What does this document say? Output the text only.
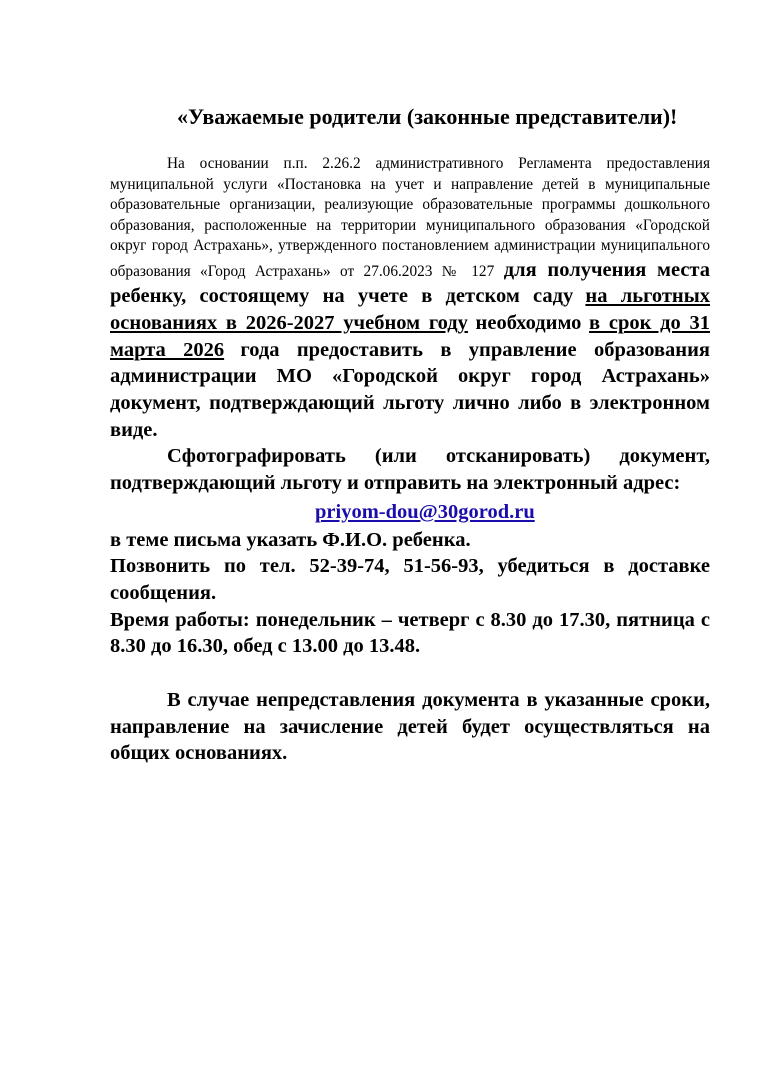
«Уважаемые родители (законные представители)!

На основании п.п. 2.26.2 административного Регламента предоставления муниципальной услуги «Постановка на учет и направление детей в муниципальные образовательные организации, реализующие образовательные программы дошкольного образования, расположенные на территории муниципального образования «Городской округ город Астрахань», утвержденного постановлением администрации муниципального образования «Город Астрахань» от 27.06.2023 № 127 для получения места ребенку, состоящему на учете в детском саду на льготных основаниях в 2026-2027 учебном году необходимо в срок до 31 марта 2026 года предоставить в управление образования администрации МО «Городской округ город Астрахань» документ, подтверждающий льготу лично либо в электронном виде.

Сфотографировать (или отсканировать) документ, подтверждающий льготу и отправить на электронный адрес:

priyom-dou@30gorod.ru

в теме письма указать Ф.И.О. ребенка.

Позвонить по тел. 52-39-74, 51-56-93, убедиться в доставке сообщения.

Время работы: понедельник – четверг с 8.30 до 17.30, пятница с 8.30 до 16.30, обед с 13.00 до 13.48.

В случае непредставления документа в указанные сроки, направление на зачисление детей будет осуществляться на общих основаниях.
